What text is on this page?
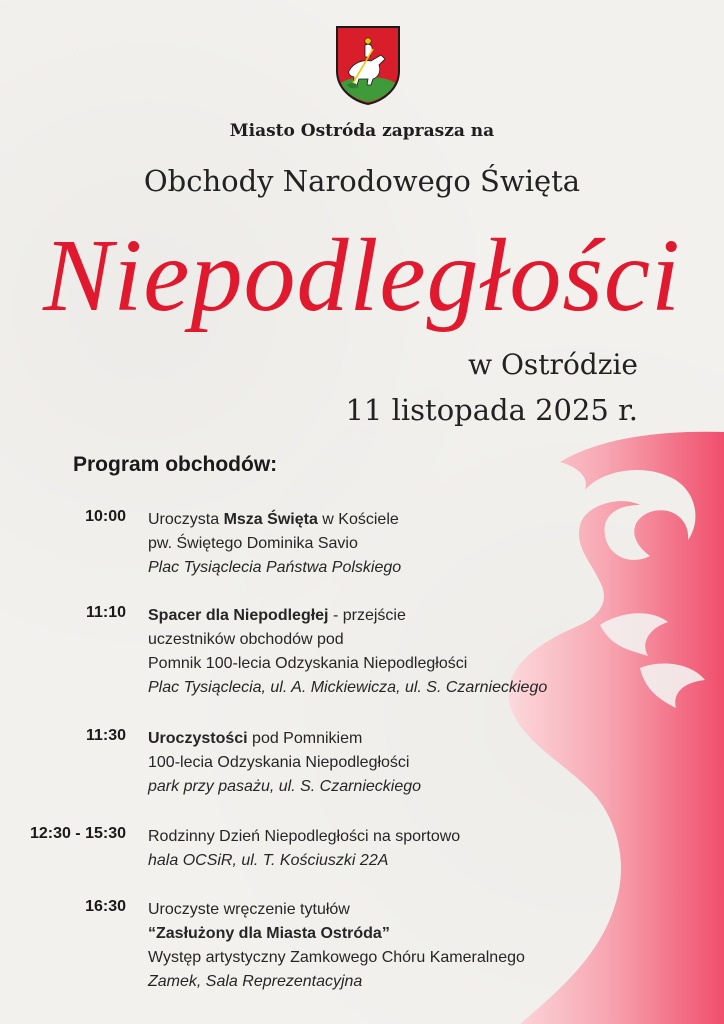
Miasto Ostróda zaprasza na
Obchody Narodowego Święta
Niepodległości
w Ostródzie
11 listopada 2025 r.
Program obchodów:
10:00 Uroczysta Msza Święta w Kościele
pw. Świętego Dominika Savio
Plac Tysiąclecia Państwa Polskiego
11:10 Spacer dla Niepodległej - przejście
uczestników obchodów pod
Pomnik 100-lecia Odzyskania Niepodległości
Plac Tysiąclecia, ul. A. Mickiewicza, ul. S. Czarnieckiego
11:30 Uroczystości pod Pomnikiem
100-lecia Odzyskania Niepodległości
park przy pasażu, ul. S. Czarnieckiego
12:30 - 15:30 Rodzinny Dzień Niepodległości na sportowo
hala OCSiR, ul. T. Kościuszki 22A
16:30 Uroczyste wręczenie tytułów
“Zasłużony dla Miasta Ostróda”
Występ artystyczny Zamkowego Chóru Kameralnego
Zamek, Sala Reprezentacyjna
